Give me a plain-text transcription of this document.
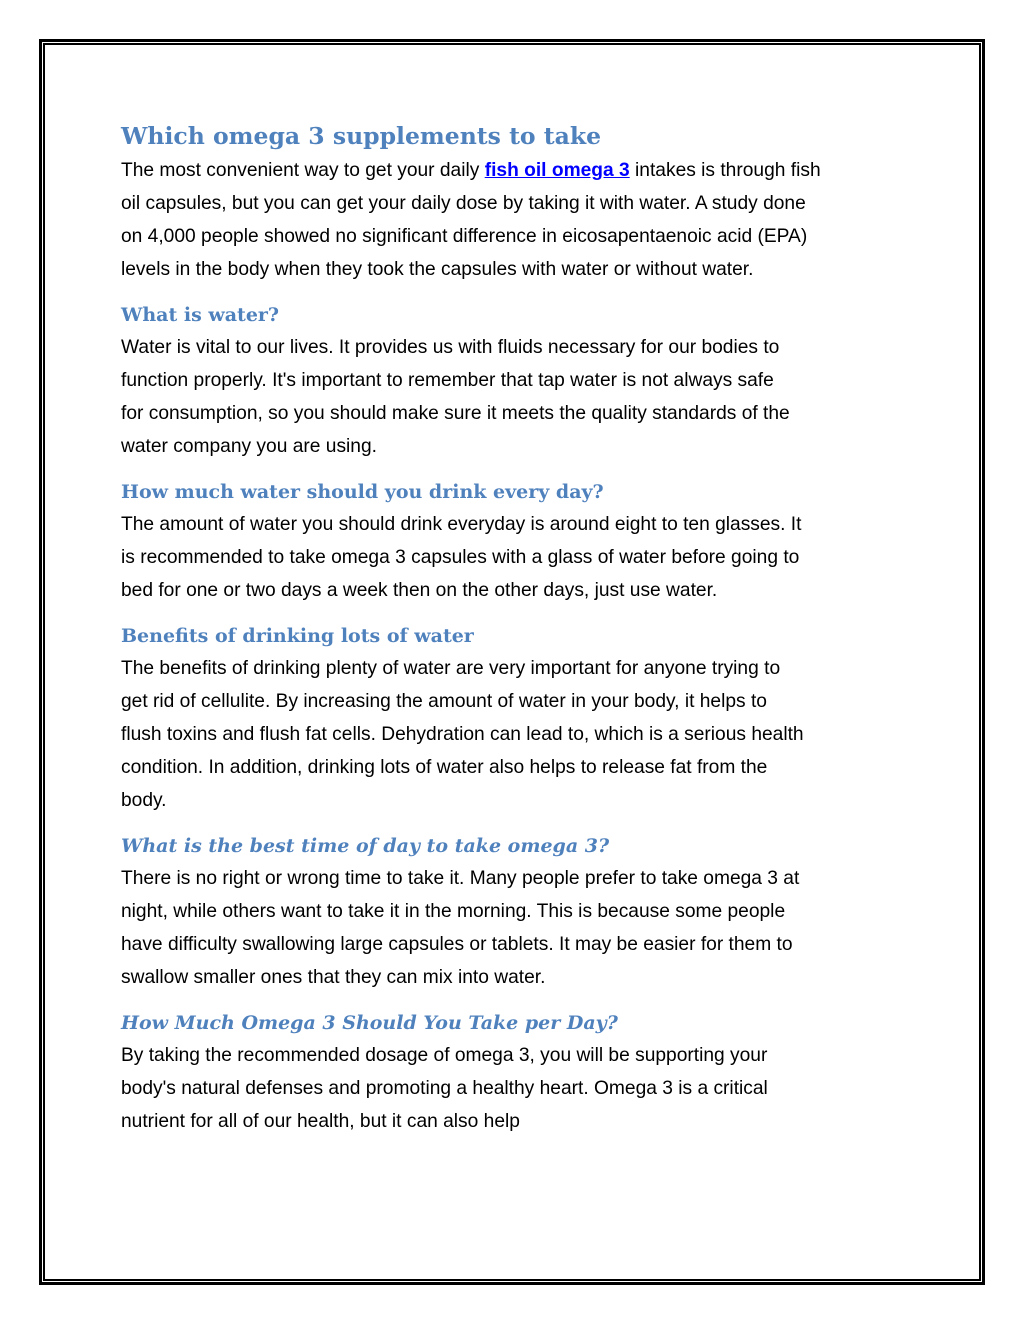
Which omega 3 supplements to take

The most convenient way to get your daily fish oil omega 3 intakes is through fish
oil capsules, but you can get your daily dose by taking it with water. A study done
on 4,000 people showed no significant difference in eicosapentaenoic acid (EPA)
levels in the body when they took the capsules with water or without water.

What is water?

Water is vital to our lives. It provides us with fluids necessary for our bodies to
function properly. It's important to remember that tap water is not always safe
for consumption, so you should make sure it meets the quality standards of the
water company you are using.

How much water should you drink every day?

The amount of water you should drink everyday is around eight to ten glasses. It
is recommended to take omega 3 capsules with a glass of water before going to
bed for one or two days a week then on the other days, just use water.

Benefits of drinking lots of water

The benefits of drinking plenty of water are very important for anyone trying to
get rid of cellulite. By increasing the amount of water in your body, it helps to
flush toxins and flush fat cells. Dehydration can lead to, which is a serious health
condition. In addition, drinking lots of water also helps to release fat from the
body.

What is the best time of day to take omega 3?

There is no right or wrong time to take it. Many people prefer to take omega 3 at
night, while others want to take it in the morning. This is because some people
have difficulty swallowing large capsules or tablets. It may be easier for them to
swallow smaller ones that they can mix into water.

How Much Omega 3 Should You Take per Day?

By taking the recommended dosage of omega 3, you will be supporting your
body's natural defenses and promoting a healthy heart. Omega 3 is a critical
nutrient for all of our health, but it can also help
